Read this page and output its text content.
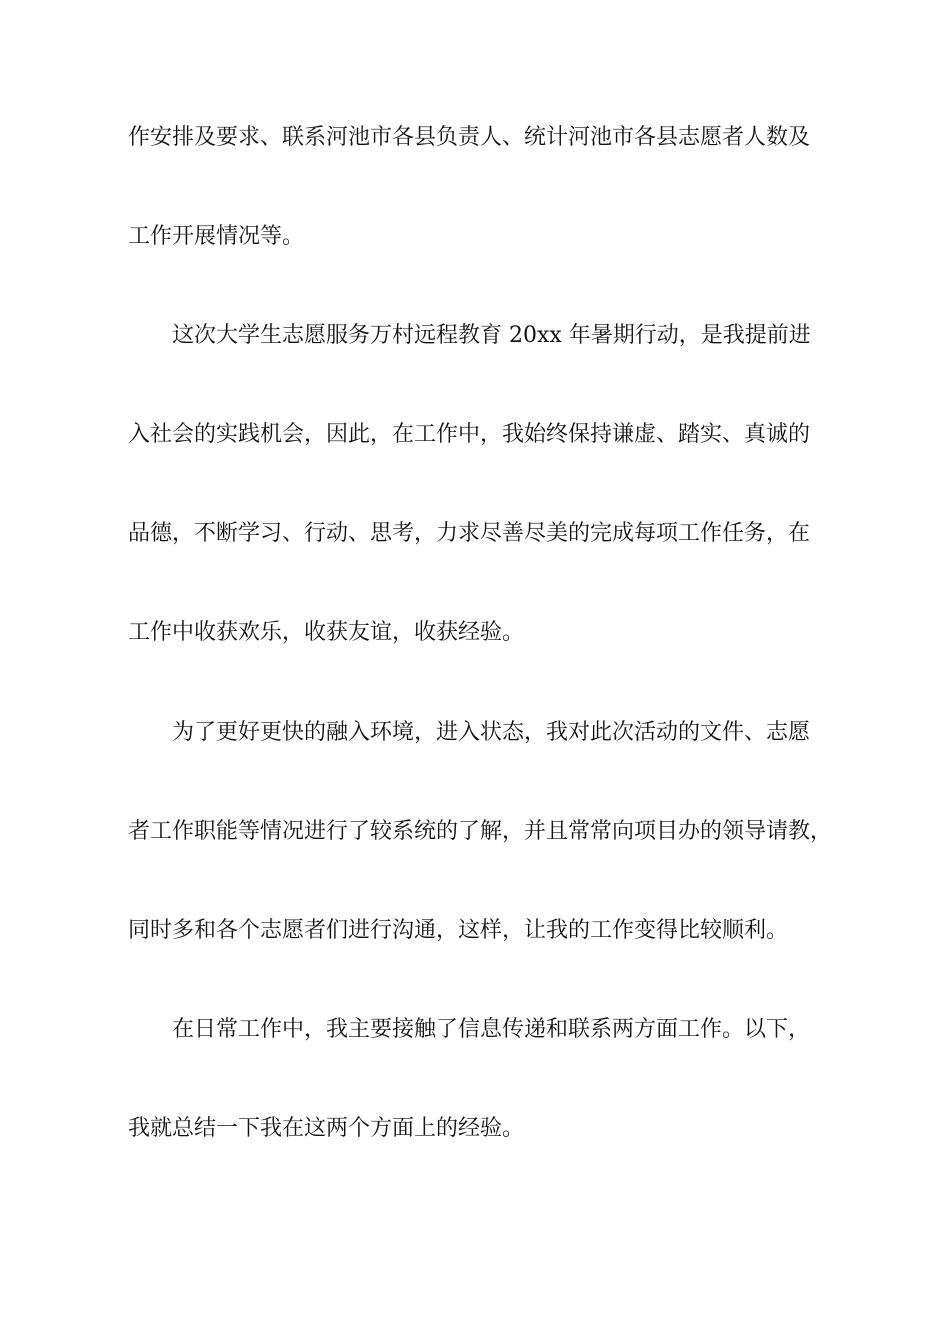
作安排及要求、联系河池市各县负责人、统计河池市各县志愿者人数及

工作开展情况等。

这次大学生志愿服务万村远程教育 20xx 年暑期行动，是我提前进

入社会的实践机会，因此，在工作中，我始终保持谦虚、踏实、真诚的

品德，不断学习、行动、思考，力求尽善尽美的完成每项工作任务，在

工作中收获欢乐，收获友谊，收获经验。

为了更好更快的融入环境，进入状态，我对此次活动的文件、志愿

者工作职能等情况进行了较系统的了解，并且常常向项目办的领导请教，

同时多和各个志愿者们进行沟通，这样，让我的工作变得比较顺利。

在日常工作中，我主要接触了信息传递和联系两方面工作。以下，

我就总结一下我在这两个方面上的经验。
